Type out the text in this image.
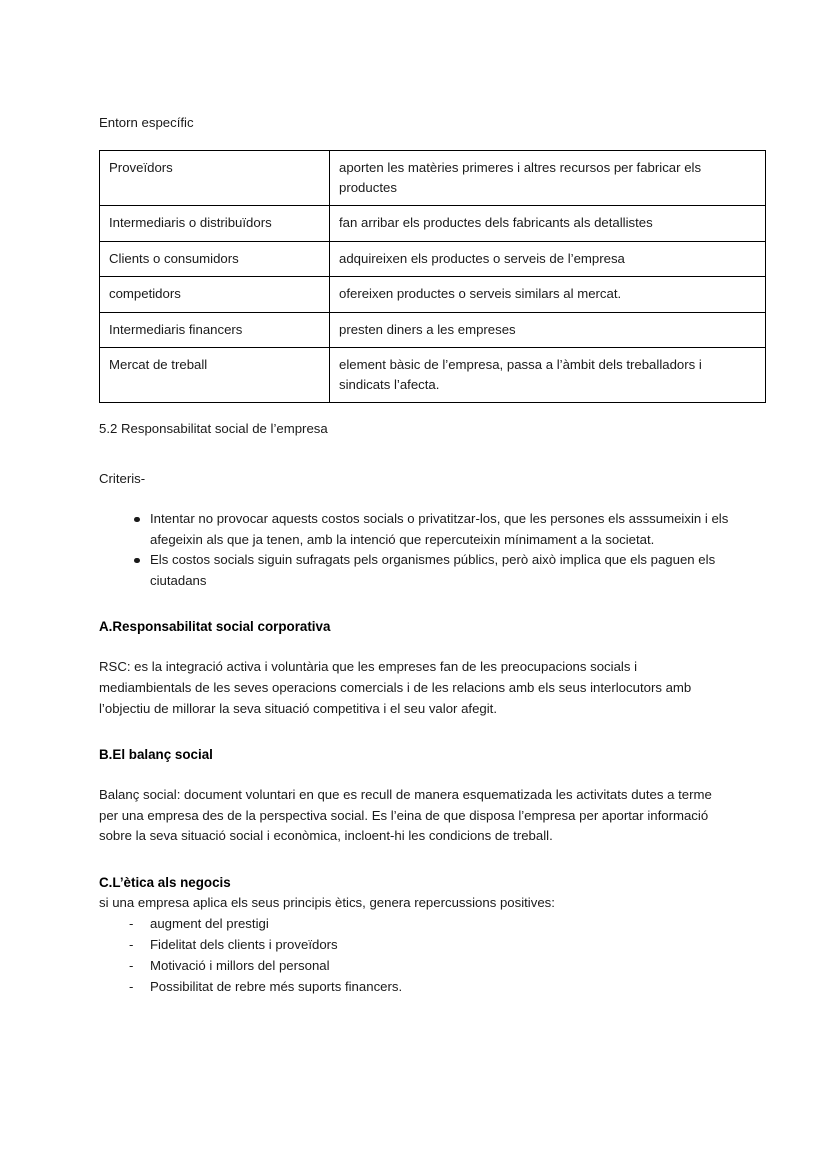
Entorn específic
Proveïdors	aporten les matèries primeres i altres recursos per fabricar els productes
Intermediaris o distribuïdors	fan arribar els productes dels fabricants als detallistes
Clients o consumidors	adquireixen els productes o serveis de l’empresa
competidors	ofereixen productes o serveis similars al mercat.
Intermediaris financers	presten diners a les empreses
Mercat de treball	element bàsic de l’empresa, passa a l’àmbit dels treballadors i sindicats l’afecta.
5.2 Responsabilitat social de l’empresa
Criteris-
Intentar no provocar aquests costos socials o privatitzar-los, que les persones els asssumeixin i els afegeixin als que ja tenen, amb la intenció que repercuteixin mínimament a la societat.
Els costos socials siguin sufragats pels organismes públics, però això implica que els paguen els ciutadans
A.Responsabilitat social corporativa
RSC: es la integració activa i voluntària que les empreses fan de les preocupacions socials i mediambientals de les seves operacions comercials i de les relacions amb els seus interlocutors amb l’objectiu de millorar la seva situació competitiva i el seu valor afegit.
B.El balanç social
Balanç social: document voluntari en que es recull de manera esquematizada les activitats dutes a terme per una empresa des de la perspectiva social. Es l’eina de que disposa l’empresa per aportar informació sobre la seva situació social i econòmica, incloent-hi les condicions de treball.
C.L’ètica als negocis
si una empresa aplica els seus principis ètics, genera repercussions positives:
- augment del prestigi
- Fidelitat dels clients i proveïdors
- Motivació i millors del personal
- Possibilitat de rebre més suports financers.
